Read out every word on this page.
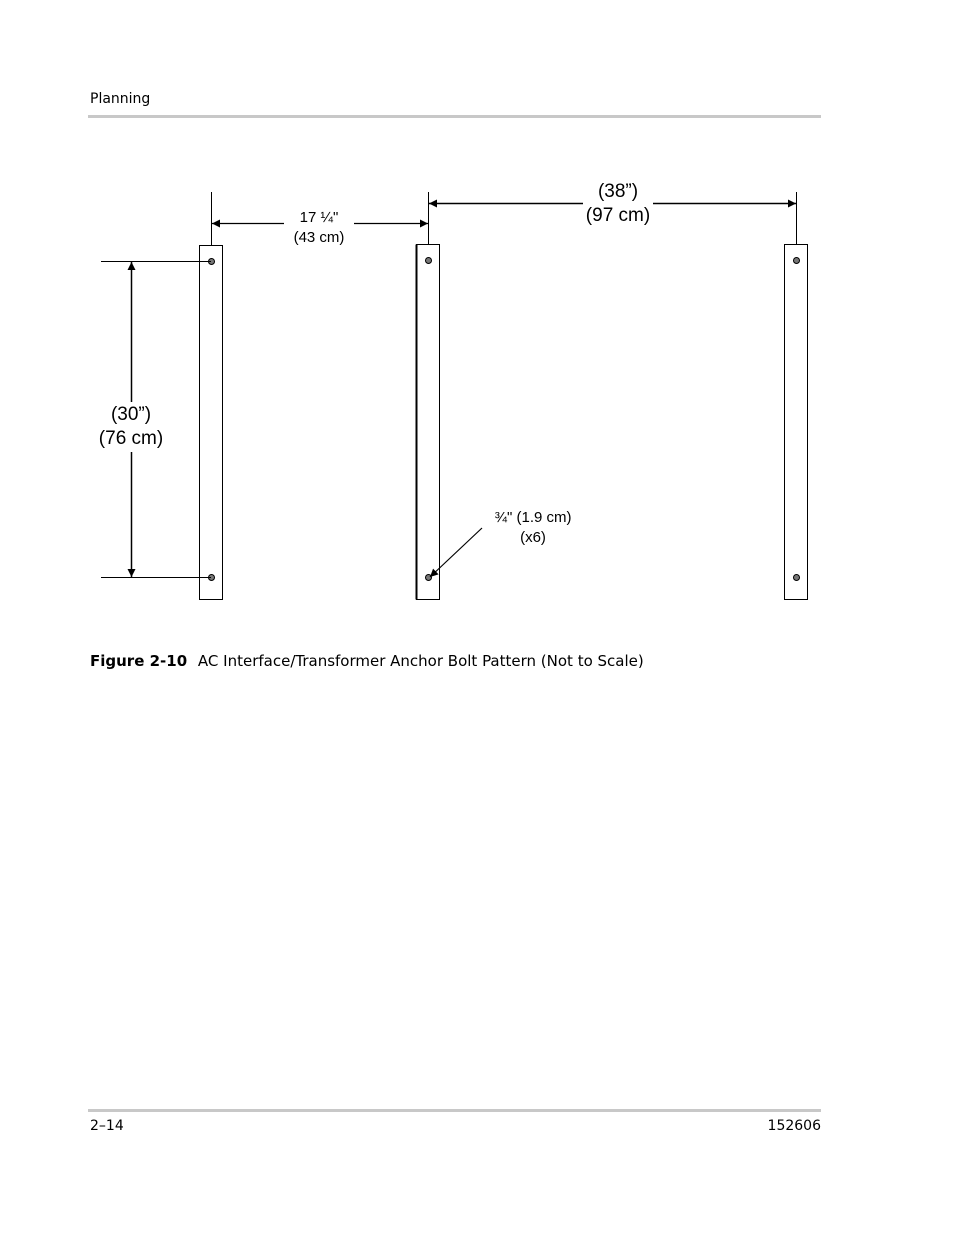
Planning
17 ¼"
(43 cm)
(38”)
(97 cm)
(30”)
(76 cm)
¾" (1.9 cm)
(x6)
Figure 2-10 AC Interface/Transformer Anchor Bolt Pattern (Not to Scale)
2–14	152606
